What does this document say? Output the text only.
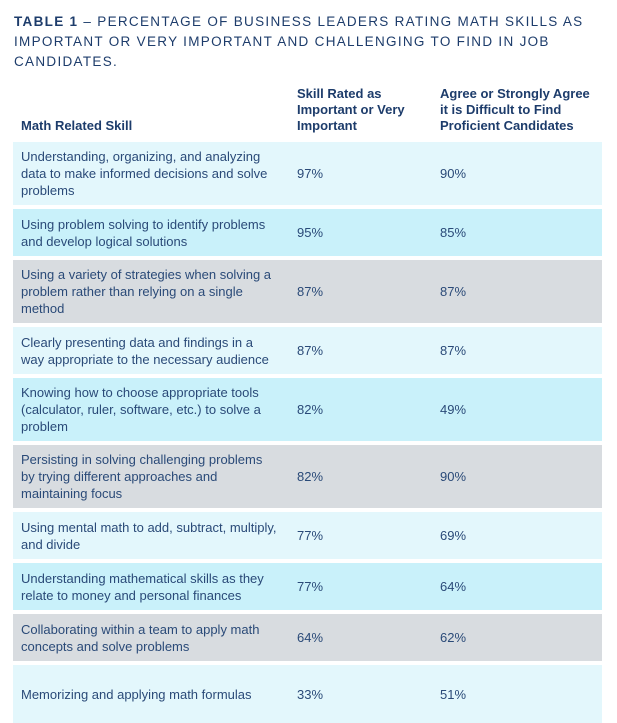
TABLE 1 – PERCENTAGE OF BUSINESS LEADERS RATING MATH SKILLS AS IMPORTANT OR VERY IMPORTANT AND CHALLENGING TO FIND IN JOB CANDIDATES.

Math Related Skill
Skill Rated as Important or Very Important
Agree or Strongly Agree it is Difficult to Find Proficient Candidates
Understanding, organizing, and analyzing data to make informed decisions and solve problems
97%	90%
Using problem solving to identify problems and develop logical solutions
95%	85%
Using a variety of strategies when solving a problem rather than relying on a single method
87%	87%
Clearly presenting data and findings in a way appropriate to the necessary audience
87%	87%
Knowing how to choose appropriate tools (calculator, ruler, software, etc.) to solve a problem
82%	49%
Persisting in solving challenging problems by trying different approaches and maintaining focus
82%	90%
Using mental math to add, subtract, multiply, and divide
77%	69%
Understanding mathematical skills as they relate to money and personal finances
77%	64%
Collaborating within a team to apply math concepts and solve problems
64%	62%
Memorizing and applying math formulas	33%	51%
